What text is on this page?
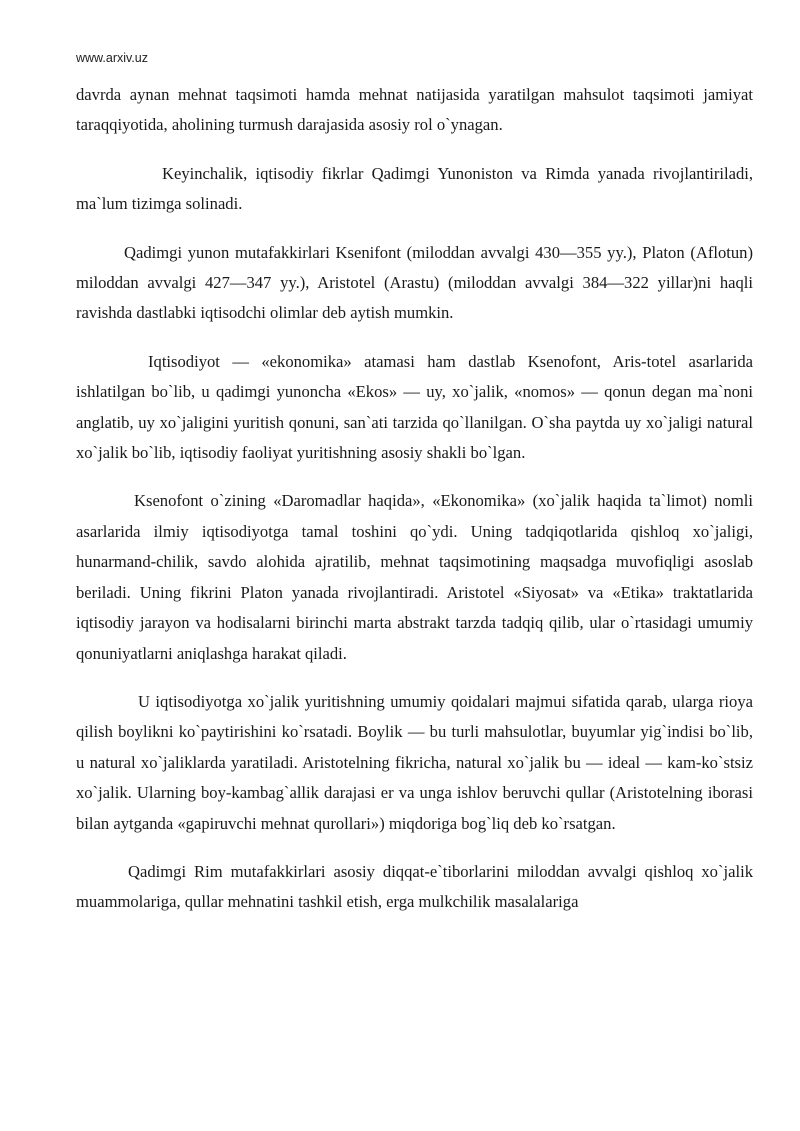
www.arxiv.uz

davrda aynan mehnat taqsimoti hamda mehnat natijasida yaratilgan mahsulot taqsimoti jamiyat taraqqiyotida, aholining turmush darajasida asosiy rol o`ynagan.

Keyinchalik, iqtisodiy fikrlar Qadimgi Yunoniston va Rimda yanada rivojlantiriladi, ma`lum tizimga solinadi.

Qadimgi yunon mutafakkirlari Ksenifont (miloddan avvalgi 430—355 yy.), Platon (Aflotun) miloddan avvalgi 427—347 yy.), Aristotel (Arastu) (miloddan avvalgi 384—322 yillar)ni haqli ravishda dastlabki iqtisodchi olimlar deb aytish mumkin.

Iqtisodiyot — «ekonomika» atamasi ham dastlab Ksenofont, Aris-totel asarlarida ishlatilgan bo`lib, u qadimgi yunoncha «Ekos» — uy, xo`jalik, «nomos» — qonun degan ma`noni anglatib, uy xo`jaligini yuritish qonuni, san`ati tarzida qo`llanilgan. O`sha paytda uy xo`jaligi natural xo`jalik bo`lib, iqtisodiy faoliyat yuritishning asosiy shakli bo`lgan.

Ksenofont o`zining «Daromadlar haqida», «Ekonomika» (xo`jalik haqida ta`limot) nomli asarlarida ilmiy iqtisodiyotga tamal toshini qo`ydi. Uning tadqiqotlarida qishloq xo`jaligi, hunarmand-chilik, savdo alohida ajratilib, mehnat taqsimotining maqsadga muvofiqligi asoslab beriladi. Uning fikrini Platon yanada rivojlantiradi. Aristotel «Siyosat» va «Etika» traktatlarida iqtisodiy jarayon va hodisalarni birinchi marta abstrakt tarzda tadqiq qilib, ular o`rtasidagi umumiy qonuniyatlarni aniqlashga harakat qiladi.

U iqtisodiyotga xo`jalik yuritishning umumiy qoidalari majmui sifatida qarab, ularga rioya qilish boylikni ko`paytirishini ko`rsatadi. Boylik — bu turli mahsulotlar, buyumlar yig`indisi bo`lib, u natural xo`jaliklarda yaratiladi. Aristotelning fikricha, natural xo`jalik bu — ideal — kam-ko`stsiz xo`jalik. Ularning boy-kambag`allik darajasi er va unga ishlov beruvchi qullar (Aristotelning iborasi bilan aytganda «gapiruvchi mehnat qurollari») miqdoriga bog`liq deb ko`rsatgan.

Qadimgi Rim mutafakkirlari asosiy diqqat-e`tiborlarini miloddan avvalgi qishloq xo`jalik muammolariga, qullar mehnatini tashkil etish, erga mulkchilik masalalariga
